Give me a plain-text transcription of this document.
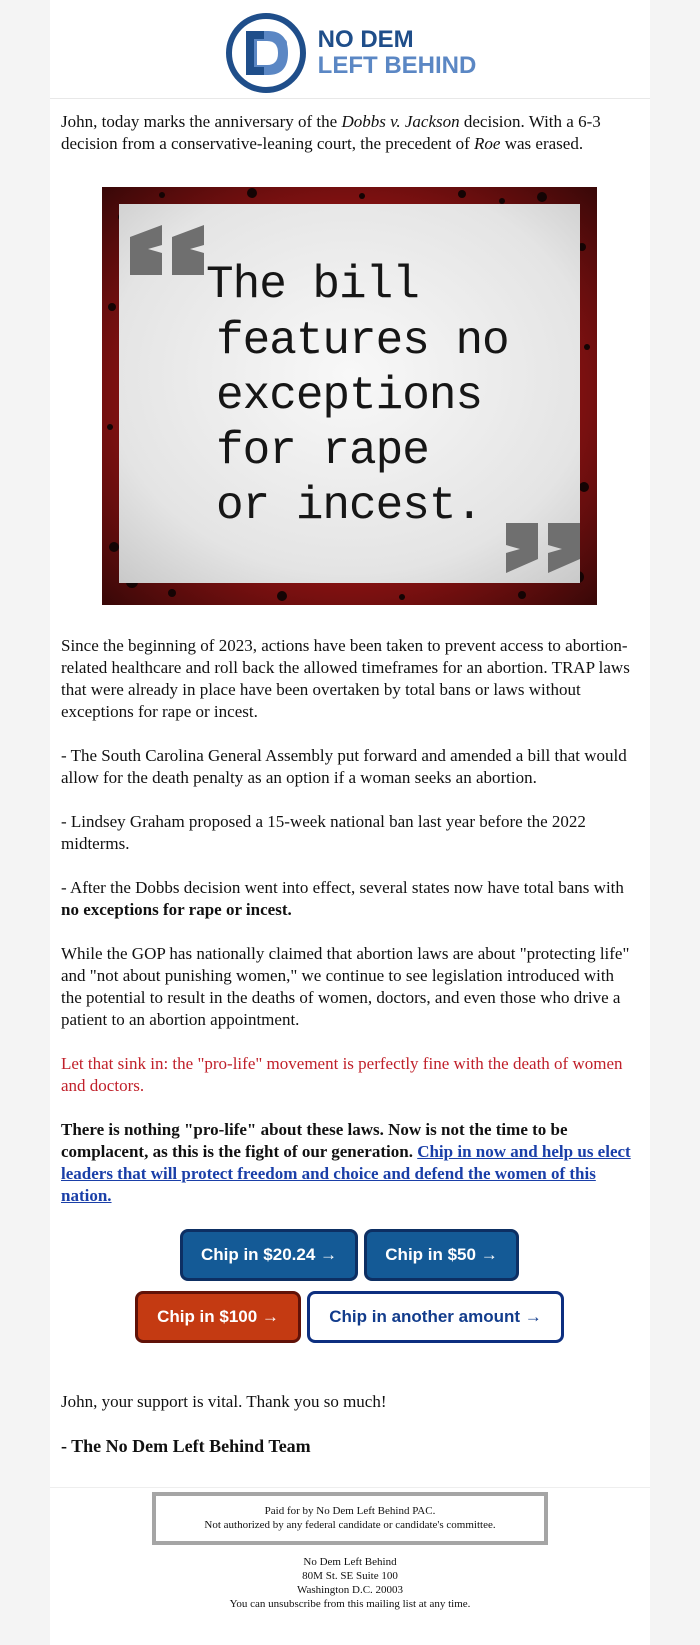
NO DEM
LEFT BEHIND

John, today marks the anniversary of the Dobbs v. Jackson decision. With a 6-3 decision from a conservative-leaning court, the precedent of Roe was erased.

The bill
features no
exceptions
for rape
or incest.

Since the beginning of 2023, actions have been taken to prevent access to abortion-related healthcare and roll back the allowed timeframes for an abortion. TRAP laws that were already in place have been overtaken by total bans or laws without exceptions for rape or incest.

- The South Carolina General Assembly put forward and amended a bill that would allow for the death penalty as an option if a woman seeks an abortion.

- Lindsey Graham proposed a 15-week national ban last year before the 2022 midterms.

- After the Dobbs decision went into effect, several states now have total bans with no exceptions for rape or incest.

While the GOP has nationally claimed that abortion laws are about "protecting life" and "not about punishing women," we continue to see legislation introduced with the potential to result in the deaths of women, doctors, and even those who drive a patient to an abortion appointment.

Let that sink in: the "pro-life" movement is perfectly fine with the death of women and doctors.

There is nothing "pro-life" about these laws. Now is not the time to be complacent, as this is the fight of our generation. Chip in now and help us elect leaders that will protect freedom and choice and defend the women of this nation.

Chip in $20.24 →	Chip in $50 →
Chip in $100 →	Chip in another amount →

John, your support is vital. Thank you so much!

- The No Dem Left Behind Team

Paid for by No Dem Left Behind PAC.
Not authorized by any federal candidate or candidate's committee.
No Dem Left Behind
80M St. SE Suite 100
Washington D.C. 20003
You can unsubscribe from this mailing list at any time.
